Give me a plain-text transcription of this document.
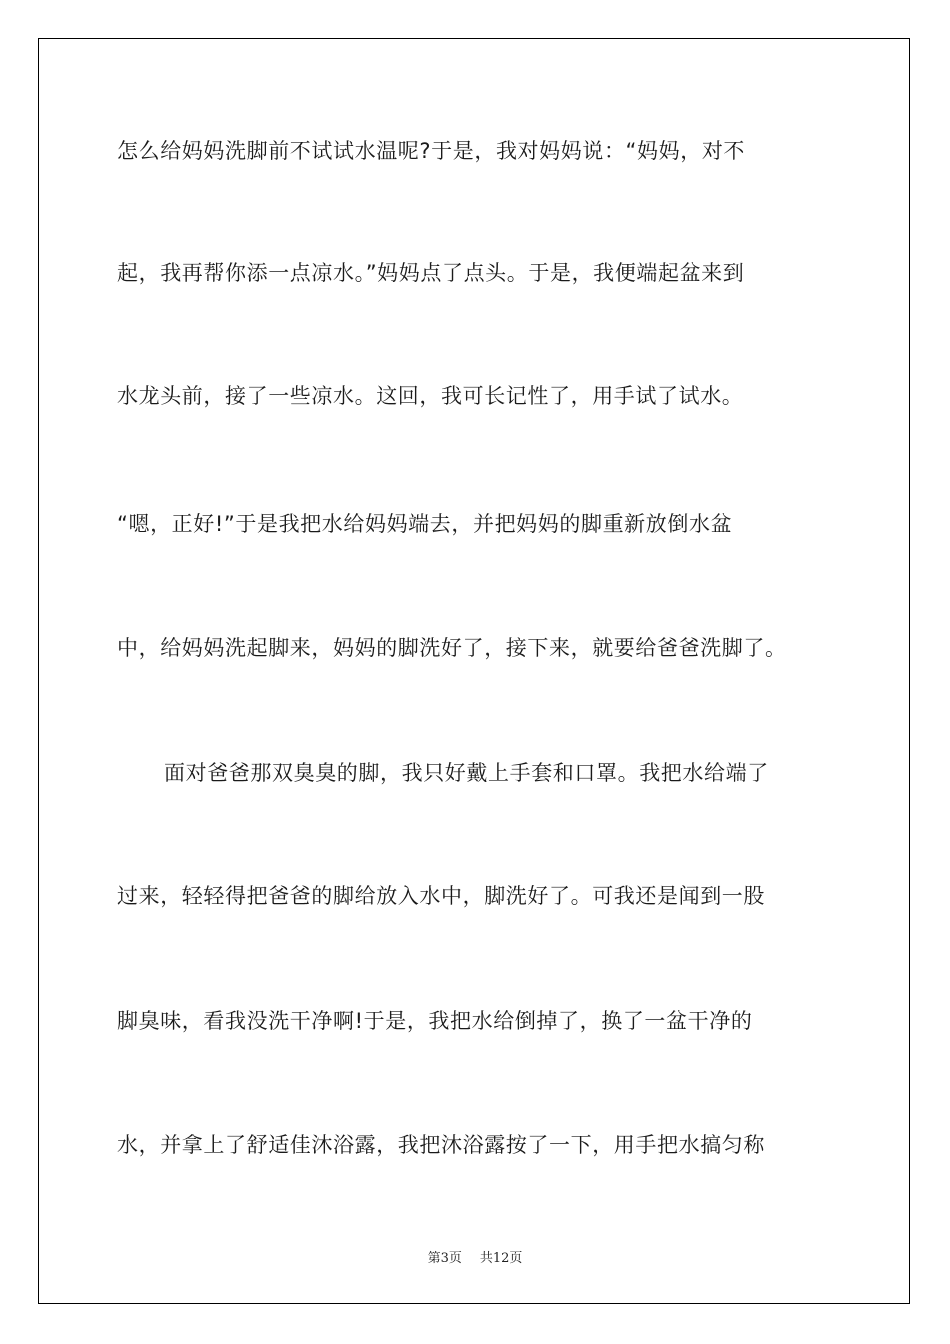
怎么给妈妈洗脚前不试试水温呢?于是，我对妈妈说：“妈妈，对不
起，我再帮你添一点凉水。”妈妈点了点头。于是，我便端起盆来到
水龙头前，接了一些凉水。这回，我可长记性了，用手试了试水。
“嗯，正好!”于是我把水给妈妈端去，并把妈妈的脚重新放倒水盆
中，给妈妈洗起脚来，妈妈的脚洗好了，接下来，就要给爸爸洗脚了。
面对爸爸那双臭臭的脚，我只好戴上手套和口罩。我把水给端了
过来，轻轻得把爸爸的脚给放入水中，脚洗好了。可我还是闻到一股
脚臭味，看我没洗干净啊!于是，我把水给倒掉了，换了一盆干净的
水，并拿上了舒适佳沐浴露，我把沐浴露按了一下，用手把水搞匀称
第3页 共12页
